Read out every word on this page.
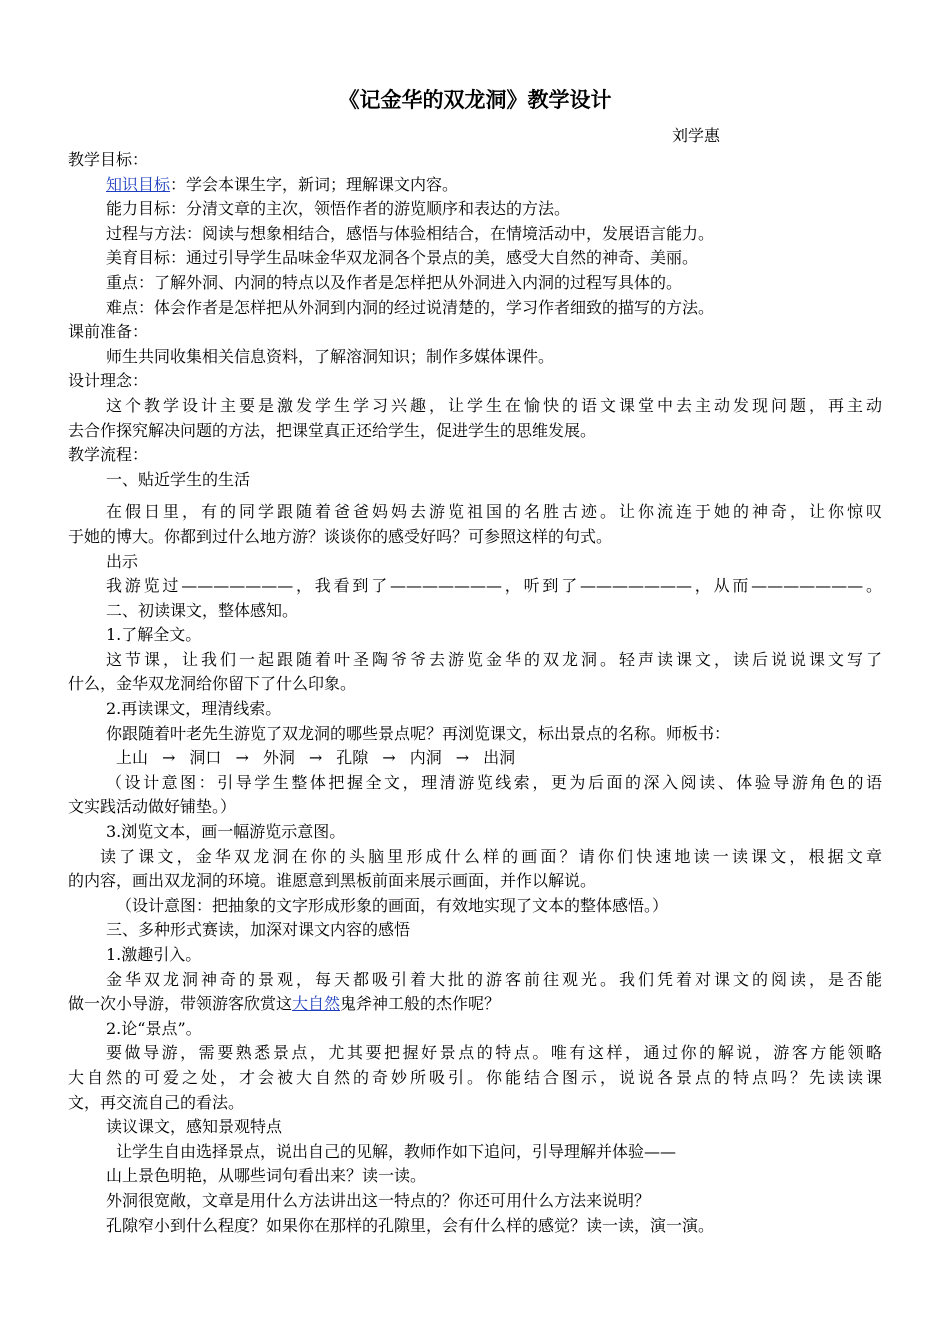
《记金华的双龙洞》教学设计
刘学惠
教学目标：
知识目标：学会本课生字，新词；理解课文内容。
能力目标：分清文章的主次，领悟作者的游览顺序和表达的方法。
过程与方法：阅读与想象相结合，感悟与体验相结合，在情境活动中，发展语言能力。
美育目标：通过引导学生品味金华双龙洞各个景点的美，感受大自然的神奇、美丽。
重点：了解外洞、内洞的特点以及作者是怎样把从外洞进入内洞的过程写具体的。
难点：体会作者是怎样把从外洞到内洞的经过说清楚的，学习作者细致的描写的方法。
课前准备：
师生共同收集相关信息资料，了解溶洞知识；制作多媒体课件。
设计理念：
这个教学设计主要是激发学生学习兴趣，让学生在愉快的语文课堂中去主动发现问题，再主动
去合作探究解决问题的方法，把课堂真正还给学生，促进学生的思维发展。
教学流程：
一、贴近学生的生活
在假日里，有的同学跟随着爸爸妈妈去游览祖国的名胜古迹。让你流连于她的神奇，让你惊叹
于她的博大。你都到过什么地方游？谈谈你的感受好吗？可参照这样的句式。
出示
我游览过———————，我看到了———————，听到了———————，从而———————。
二、初读课文，整体感知。
1.了解全文。
这节课，让我们一起跟随着叶圣陶爷爷去游览金华的双龙洞。轻声读课文，读后说说课文写了
什么，金华双龙洞给你留下了什么印象。
2.再读课文，理清线索。
你跟随着叶老先生游览了双龙洞的哪些景点呢？再浏览课文，标出景点的名称。师板书：
上山 → 洞口 → 外洞 → 孔隙 → 内洞 → 出洞
（设计意图：引导学生整体把握全文，理清游览线索，更为后面的深入阅读、体验导游角色的语
文实践活动做好铺垫。）
3.浏览文本，画一幅游览示意图。
读了课文，金华双龙洞在你的头脑里形成什么样的画面？请你们快速地读一读课文，根据文章
的内容，画出双龙洞的环境。谁愿意到黑板前面来展示画面，并作以解说。
（设计意图：把抽象的文字形成形象的画面，有效地实现了文本的整体感悟。）
三、多种形式赛读，加深对课文内容的感悟
1.激趣引入。
金华双龙洞神奇的景观，每天都吸引着大批的游客前往观光。我们凭着对课文的阅读，是否能
做一次小导游，带领游客欣赏这大自然鬼斧神工般的杰作呢？
2.论“景点”。
要做导游，需要熟悉景点，尤其要把握好景点的特点。唯有这样，通过你的解说，游客方能领略
大自然的可爱之处，才会被大自然的奇妙所吸引。你能结合图示，说说各景点的特点吗？先读读课
文，再交流自己的看法。
读议课文，感知景观特点
让学生自由选择景点，说出自己的见解，教师作如下追问，引导理解并体验——
山上景色明艳，从哪些词句看出来？读一读。
外洞很宽敞，文章是用什么方法讲出这一特点的？你还可用什么方法来说明？
孔隙窄小到什么程度？如果你在那样的孔隙里，会有什么样的感觉？读一读，演一演。
